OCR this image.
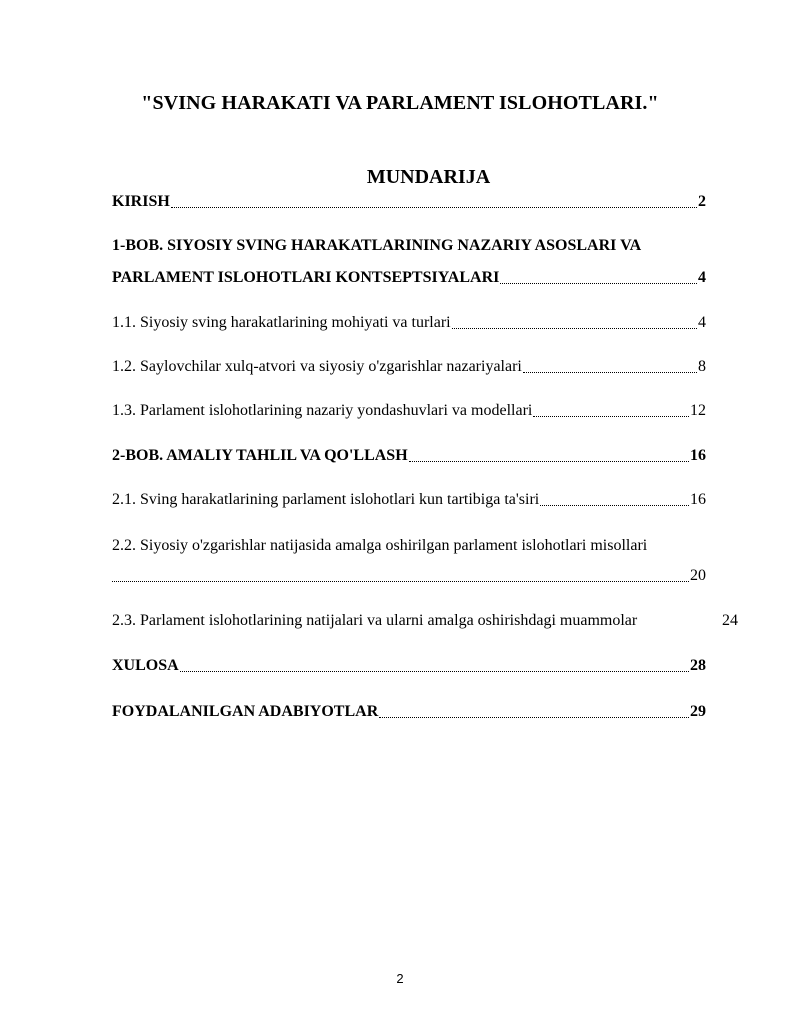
"SVING HARAKATI VA PARLAMENT ISLOHOTLARI."
MUNDARIJA
KIRISH	2
1-BOB. SIYOSIY SVING HARAKATLARINING NAZARIY ASOSLARI VA
PARLAMENT ISLOHOTLARI KONTSEPTSIYALARI	4
1.1. Siyosiy sving harakatlarining mohiyati va turlari	4
1.2. Saylovchilar xulq-atvori va siyosiy o'zgarishlar nazariyalari	8
1.3. Parlament islohotlarining nazariy yondashuvlari va modellari	12
2-BOB. AMALIY TAHLIL VA QO'LLASH	16
2.1. Sving harakatlarining parlament islohotlari kun tartibiga ta'siri	16
2.2. Siyosiy o'zgarishlar natijasida amalga oshirilgan parlament islohotlari misollari
20
2.3. Parlament islohotlarining natijalari va ularni amalga oshirishdagi muammolar	24
XULOSA	28
FOYDALANILGAN ADABIYOTLAR	29
2
